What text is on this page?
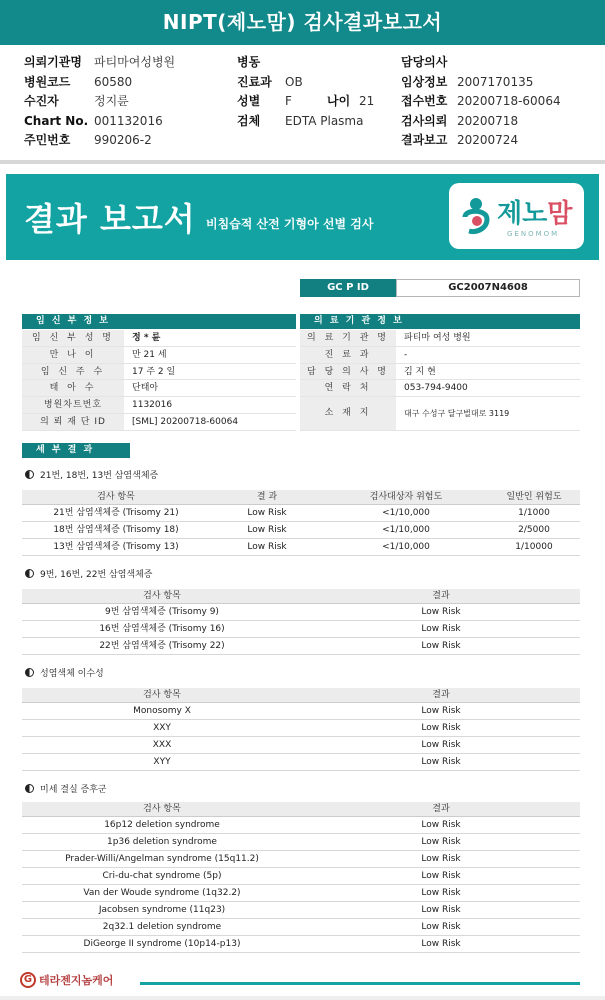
NIPT(제노맘) 검사결과보고서
의뢰기관명	파티마여성병원
병원코드	60580
수진자	정지륜
Chart No. 001132016
주민번호	990206-2
병동
진료과	OB
성별	F	나이 21
검체	EDTA Plasma
담당의사
임상정보 2007170135
접수번호 20200718-60064
검사의뢰 20200718
결과보고 20200724
결과 보고서 비침습적 산전 기형아 선별 검사	제노맘
GENOMOM
GC P ID	GC2007N4608
임 신 부 정 보
임 신 부 성 명	정 * 륜
만 나 이	만 21 세
임 신 주 수	17 주 2 일
태 아 수	단태아
병원차트번호	1132016
의 뢰 재 단 ID	[SML] 20200718-60064
의 료 기 관 정 보
의 료 기 관 명	파티마 여성 병원
진 료 과	-
담 당 의 사 명	김 지 현
연 락 처	053-794-9400
소 재 지	대구 수성구 달구벌대로 3119
세 부 결 과
21번, 18번, 13번 삼염색체증
검사 항목	결 과	검사대상자 위험도	일반인 위험도
21번 삼염색체증 (Trisomy 21)	Low Risk	<1/10,000	1/1000
18번 삼염색체증 (Trisomy 18)	Low Risk	<1/10,000	2/5000
13번 삼염색체증 (Trisomy 13)	Low Risk	<1/10,000	1/10000
9번, 16번, 22번 삼염색체증
검사 항목	결과
9번 삼염색체증 (Trisomy 9)	Low Risk
16번 삼염색체증 (Trisomy 16)	Low Risk
22번 삼염색체증 (Trisomy 22)	Low Risk
성염색체 이수성
검사 항목	결과
Monosomy X	Low Risk
XXY	Low Risk
XXX	Low Risk
XYY	Low Risk
미세 결실 증후군
검사 항목	결과
16p12 deletion syndrome	Low Risk
1p36 deletion syndrome	Low Risk
Prader-Willi/Angelman syndrome (15q11.2)	Low Risk
Cri-du-chat syndrome (5p)	Low Risk
Van der Woude syndrome (1q32.2)	Low Risk
Jacobsen syndrome (11q23)	Low Risk
2q32.1 deletion syndrome	Low Risk
DiGeorge II syndrome (10p14-p13)	Low Risk
G 테라젠지놈케어
